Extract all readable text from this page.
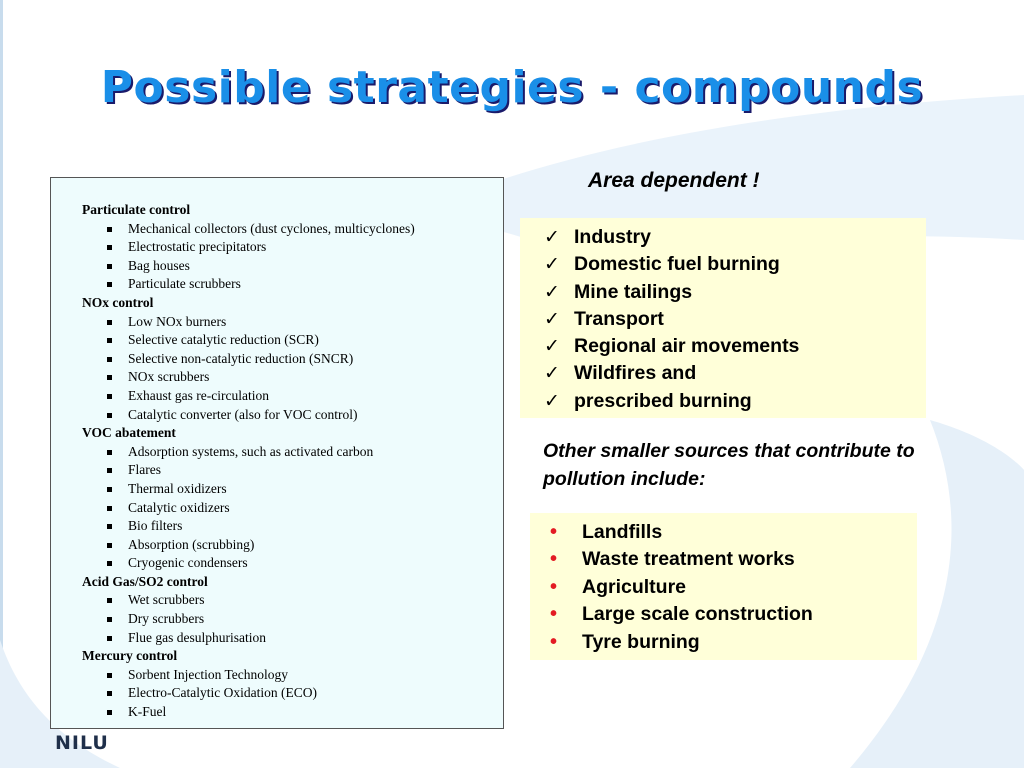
Possible strategies - compounds
Particulate control
Mechanical collectors (dust cyclones, multicyclones)
Electrostatic precipitators
Bag houses
Particulate scrubbers
NOx control
Low NOx burners
Selective catalytic reduction (SCR)
Selective non-catalytic reduction (SNCR)
NOx scrubbers
Exhaust gas re-circulation
Catalytic converter (also for VOC control)
VOC abatement
Adsorption systems, such as activated carbon
Flares
Thermal oxidizers
Catalytic oxidizers
Bio filters
Absorption (scrubbing)
Cryogenic condensers
Acid Gas/SO2 control
Wet scrubbers
Dry scrubbers
Flue gas desulphurisation
Mercury control
Sorbent Injection Technology
Electro-Catalytic Oxidation (ECO)
K-Fuel
Area dependent !
✓ Industry
✓ Domestic fuel burning
✓ Mine tailings
✓ Transport
✓ Regional air movements
✓ Wildfires and
✓ prescribed burning
Other smaller sources that contribute to pollution include:
• Landfills
• Waste treatment works
• Agriculture
• Large scale construction
• Tyre burning
NILU
